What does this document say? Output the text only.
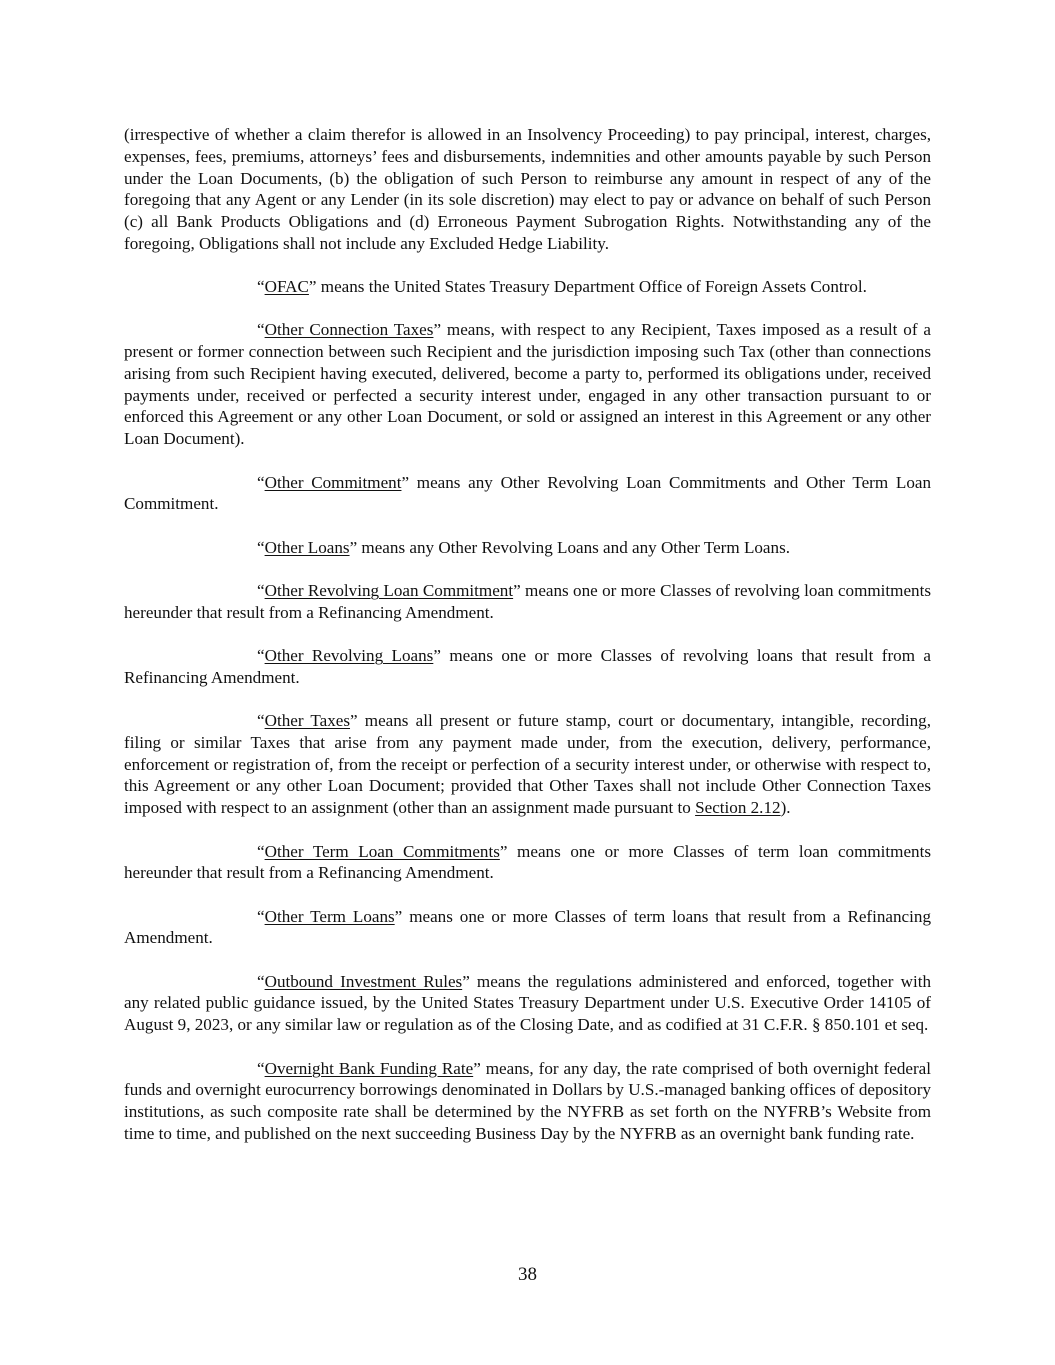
(irrespective of whether a claim therefor is allowed in an Insolvency Proceeding) to pay principal, interest, charges, expenses, fees, premiums, attorneys’ fees and disbursements, indemnities and other amounts payable by such Person under the Loan Documents, (b) the obligation of such Person to reimburse any amount in respect of any of the foregoing that any Agent or any Lender (in its sole discretion) may elect to pay or advance on behalf of such Person (c) all Bank Products Obligations and (d) Erroneous Payment Subrogation Rights. Notwithstanding any of the foregoing, Obligations shall not include any Excluded Hedge Liability.

“OFAC” means the United States Treasury Department Office of Foreign Assets Control.

“Other Connection Taxes” means, with respect to any Recipient, Taxes imposed as a result of a present or former connection between such Recipient and the jurisdiction imposing such Tax (other than connections arising from such Recipient having executed, delivered, become a party to, performed its obligations under, received payments under, received or perfected a security interest under, engaged in any other transaction pursuant to or enforced this Agreement or any other Loan Document, or sold or assigned an interest in this Agreement or any other Loan Document).

“Other Commitment” means any Other Revolving Loan Commitments and Other Term Loan Commitment.

“Other Loans” means any Other Revolving Loans and any Other Term Loans.

“Other Revolving Loan Commitment” means one or more Classes of revolving loan commitments hereunder that result from a Refinancing Amendment.

“Other Revolving Loans” means one or more Classes of revolving loans that result from a Refinancing Amendment.

“Other Taxes” means all present or future stamp, court or documentary, intangible, recording, filing or similar Taxes that arise from any payment made under, from the execution, delivery, performance, enforcement or registration of, from the receipt or perfection of a security interest under, or otherwise with respect to, this Agreement or any other Loan Document; provided that Other Taxes shall not include Other Connection Taxes imposed with respect to an assignment (other than an assignment made pursuant to Section 2.12).

“Other Term Loan Commitments” means one or more Classes of term loan commitments hereunder that result from a Refinancing Amendment.

“Other Term Loans” means one or more Classes of term loans that result from a Refinancing Amendment.

“Outbound Investment Rules” means the regulations administered and enforced, together with any related public guidance issued, by the United States Treasury Department under U.S. Executive Order 14105 of August 9, 2023, or any similar law or regulation as of the Closing Date, and as codified at 31 C.F.R. § 850.101 et seq.

“Overnight Bank Funding Rate” means, for any day, the rate comprised of both overnight federal funds and overnight eurocurrency borrowings denominated in Dollars by U.S.-managed banking offices of depository institutions, as such composite rate shall be determined by the NYFRB as set forth on the NYFRB’s Website from time to time, and published on the next succeeding Business Day by the NYFRB as an overnight bank funding rate.

38
